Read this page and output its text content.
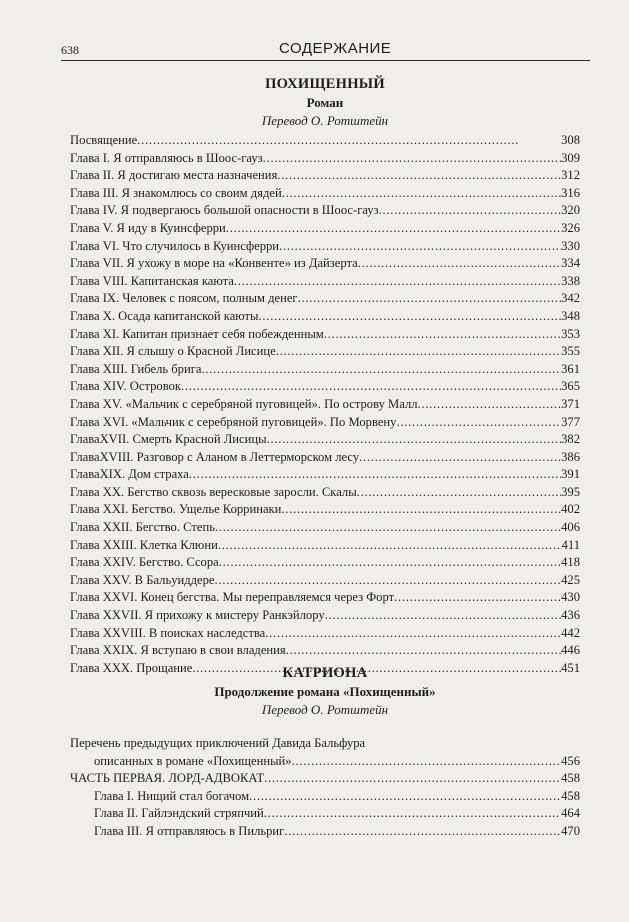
638	СОДЕРЖАНИЕ
ПОХИЩЕННЫЙ
Роман
Перевод О. Ротштейн
Посвящение . . .	308
Глава I. Я отправляюсь в Шоос-гауз . . .	309
Глава II. Я достигаю места назначения . . .	312
Глава III. Я знакомлюсь со своим дядей . . .	316
Глава IV. Я подвергаюсь большой опасности в Шоос-гауз . . .	320
Глава V. Я иду в Куинсферри . . .	326
Глава VI. Что случилось в Куинсферри . . .	330
Глава VII. Я ухожу в море на «Конвенте» из Дайзерта . . .	334
Глава VIII. Капитанская каюта . . .	338
Глава IX. Человек с поясом, полным денег . . .	342
Глава X. Осада капитанской каюты . . .	348
Глава XI. Капитан признает себя побежденным . . .	353
Глава XII. Я слышу о Красной Лисице . . .	355
Глава XIII. Гибель брига . . .	361
Глава XIV. Островок . . .	365
Глава XV. «Мальчик с серебряной пуговицей». По острову Малл . . .	371
Глава XVI. «Мальчик с серебряной пуговицей». По Морвену . . .	377
ГлаваXVII. Смерть Красной Лисицы . . .	382
ГлаваXVIII. Разговор с Аланом в Леттерморском лесу . . .	386
ГлаваXIX. Дом страха . . .	391
Глава XX. Бегство сквозь вересковые заросли. Скалы . . .	395
Глава XXI. Бегство. Ущелье Корринаки . . .	402
Глава XXII. Бегство. Степь . . .	406
Глава XXIII. Клетка Клюни . . .	411
Глава XXIV. Бегство. Ссора . . .	418
Глава XXV. В Бальуиддере . . .	425
Глава XXVI. Конец бегства. Мы переправляемся через Форт . . .	430
Глава XXVII. Я прихожу к мистеру Ранкэйлору . . .	436
Глава XXVIII. В поисках наследства . . .	442
Глава XXIX. Я вступаю в свои владения . . .	446
Глава XXX. Прощание . . .	451
КАТРИОНА
Продолжение романа «Похищенный»
Перевод О. Ротштейн
Перечень предыдущих приключений Давида Бальфура
описанных в романе «Похищенный» . . .	456
ЧАСТЬ ПЕРВАЯ. ЛОРД-АДВОКАТ . . .	458
Глава I. Нищий стал богачом . . .	458
Глава II. Гайлэндский стряпчий . . .	464
Глава III. Я отправляюсь в Пильриг . . .	470
